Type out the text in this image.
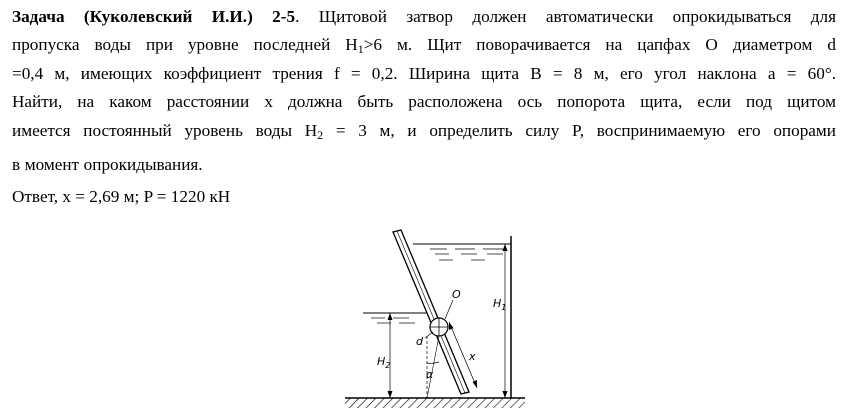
Задача (Куколевский И.И.) 2-5. Щитовой затвор должен автоматически опрокидываться для
пропуска воды при уровне последней $H_1>6$ м. Щит поворачивается на цапфах О диаметром d
=0,4 м, имеющих коэффициент трения f = 0,2. Ширина щита B = 8 м, его угол наклона a = 60°.
Найти, на каком расстоянии x должна быть расположена ось попорота щита, если под щитом
имеется постоянный уровень воды $H_2 = 3$ м, и определить силу P, воспринимаемую его опорами
в момент опрокидывания.
Ответ, x = 2,69 м; P = 1220 кН
O
d
$H_1$
$H_2$
α
x
